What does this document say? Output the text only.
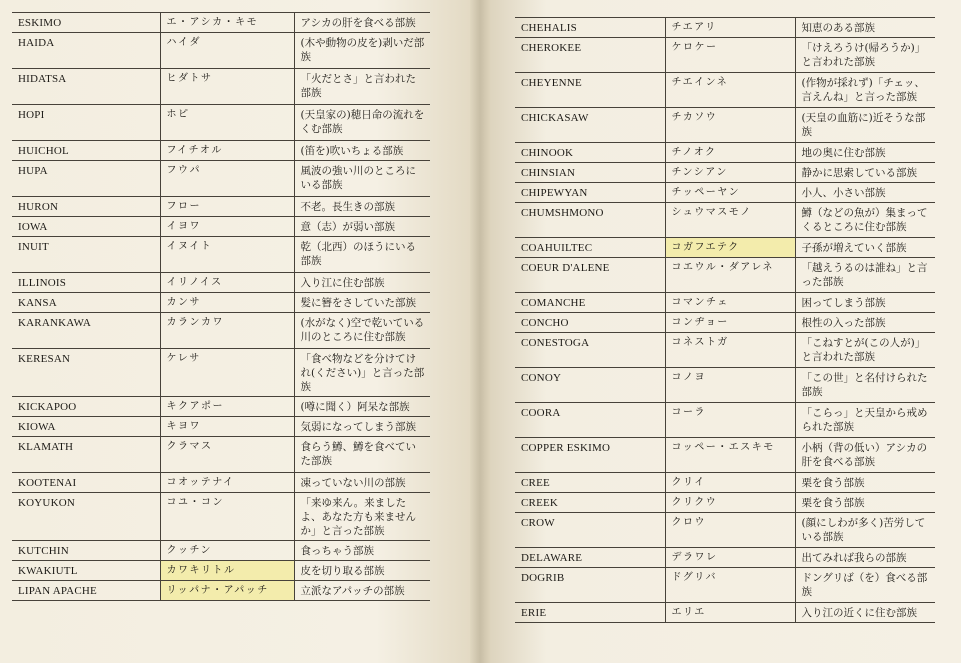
ESKIMO	エ・アシカ・キモ	アシカの肝を食べる部族
HAIDA	ハイダ	(木や動物の皮を)剥いだ部族
HIDATSA	ヒダトサ	「火だとさ」と言われた部族
HOPI	ホピ	(天皇家の)穂日命の流れをくむ部族
HUICHOL	フイチオル	(笛を)吹いちょる部族
HUPA	フウパ	風波の強い川のところにいる部族
HURON	フロー	不老。長生きの部族
IOWA	イヨワ	意（志）が弱い部族
INUIT	イヌイト	乾（北西）のほうにいる部族
ILLINOIS	イリノイス	入り江に住む部族
KANSA	カンサ	髪に簪をさしていた部族
KARANKAWA	カランカワ	(水がなく)空で乾いている川のところに住む部族
KERESAN	ケレサ	「食べ物などを分けてけれ(ください)」と言った部族
KICKAPOO	キクアポー	(噂に聞く）阿呆な部族
KIOWA	キヨワ	気弱になってしまう部族
KLAMATH	クラマス	食らう鱒、鱒を食べていた部族
KOOTENAI	コオッテナイ	凍っていない川の部族
KOYUKON	コユ・コン	「来ゆ来ん。来ましたよ、あなた方も来ませんか」と言った部族
KUTCHIN	クッチン	食っちゃう部族
KWAKIUTL	カワキリトル	皮を切り取る部族
LIPAN APACHE	リッパナ・アパッチ	立派なアパッチの部族
CHEHALIS	チエアリ	知恵のある部族
CHEROKEE	ケロケー	「けえろうけ(帰ろうか)」と言われた部族
CHEYENNE	チエインネ	(作物が採れず)「チェッ、言えんね」と言った部族
CHICKASAW	チカソウ	(天皇の血筋に)近そうな部族
CHINOOK	チノオク	地の奥に住む部族
CHINSIAN	チンシアン	静かに思索している部族
CHIPEWYAN	チッペーヤン	小人、小さい部族
CHUMSHMONO	シュウマスモノ	鱒（などの魚が）集まってくるところに住む部族
COAHUILTEC	コガフエテク	子孫が増えていく部族
COEUR D'ALENE	コエウル・ダアレネ	「越えうるのは誰ね」と言った部族
COMANCHE	コマンチェ	困ってしまう部族
CONCHO	コンヂョー	根性の入った部族
CONESTOGA	コネストガ	「こねすとが(この人が)」と言われた部族
CONOY	コノヨ	「この世」と名付けられた部族
COORA	コーラ	「こらっ」と天皇から戒められた部族
COPPER ESKIMO	コッペー・エスキモ	小柄（背の低い）アシカの肝を食べる部族
CREE	クリイ	栗を食う部族
CREEK	クリクウ	栗を食う部族
CROW	クロウ	(顔にしわが多く)苦労している部族
DELAWARE	デラワレ	出てみれば我らの部族
DOGRIB	ドグリバ	ドングリば（を）食べる部族
ERIE	エリエ	入り江の近くに住む部族
